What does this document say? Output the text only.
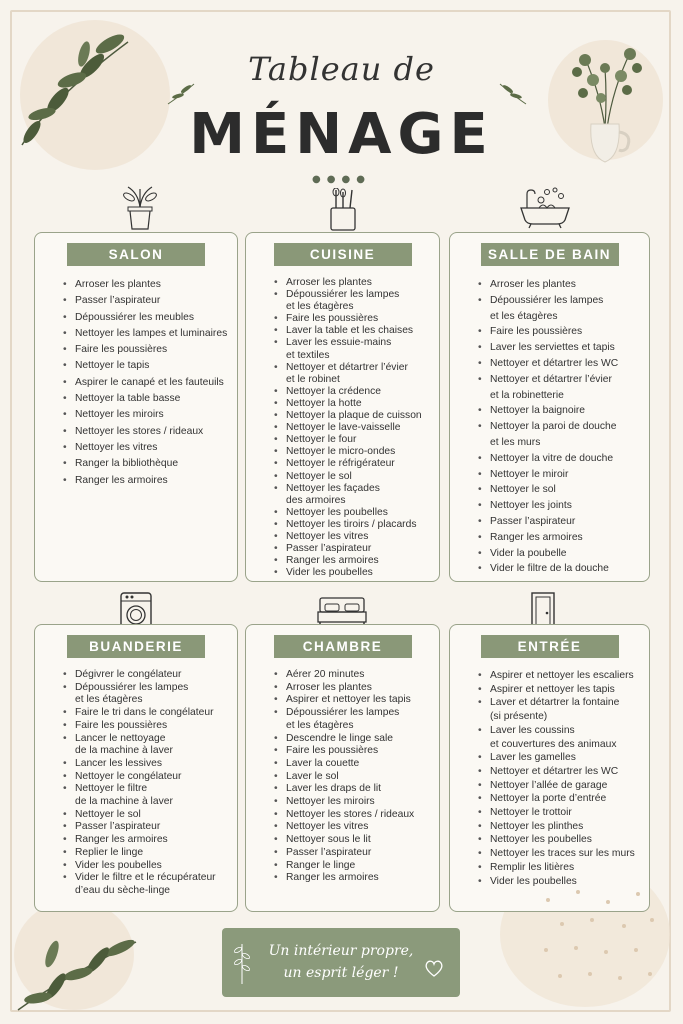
Tableau de
MÉNAGE
●●●●
SALON
• Arroser les plantes
• Passer l’aspirateur
• Dépoussiérer les meubles
• Nettoyer les lampes et luminaires
• Faire les poussières
• Nettoyer le tapis
• Aspirer le canapé et les fauteuils
• Nettoyer la table basse
• Nettoyer les miroirs
• Nettoyer les stores / rideaux
• Nettoyer les vitres
• Ranger la bibliothèque
• Ranger les armoires
CUISINE
• Arroser les plantes
• Dépoussiérer les lampes
et les étagères
• Faire les poussières
• Laver la table et les chaises
• Laver les essuie-mains
et textiles
• Nettoyer et détartrer l’évier
et le robinet
• Nettoyer la crédence
• Nettoyer la hotte
• Nettoyer la plaque de cuisson
• Nettoyer le lave-vaisselle
• Nettoyer le four
• Nettoyer le micro-ondes
• Nettoyer le réfrigérateur
• Nettoyer le sol
• Nettoyer les façades
des armoires
• Nettoyer les poubelles
• Nettoyer les tiroirs / placards
• Nettoyer les vitres
• Passer l’aspirateur
• Ranger les armoires
• Vider les poubelles
SALLE DE BAIN
• Arroser les plantes
• Dépoussiérer les lampes
et les étagères
• Faire les poussières
• Laver les serviettes et tapis
• Nettoyer et détartrer les WC
• Nettoyer et détartrer l’évier
et la robinetterie
• Nettoyer la baignoire
• Nettoyer la paroi de douche
et les murs
• Nettoyer la vitre de douche
• Nettoyer le miroir
• Nettoyer le sol
• Nettoyer les joints
• Passer l’aspirateur
• Ranger les armoires
• Vider la poubelle
• Vider le filtre de la douche
BUANDERIE
• Dégivrer le congélateur
• Dépoussiérer les lampes
et les étagères
• Faire le tri dans le congélateur
• Faire les poussières
• Lancer le nettoyage
de la machine à laver
• Lancer les lessives
• Nettoyer le congélateur
• Nettoyer le filtre
de la machine à laver
• Nettoyer le sol
• Passer l’aspirateur
• Ranger les armoires
• Replier le linge
• Vider les poubelles
• Vider le filtre et le récupérateur
d’eau du sèche-linge
CHAMBRE
• Aérer 20 minutes
• Arroser les plantes
• Aspirer et nettoyer les tapis
• Dépoussiérer les lampes
et les étagères
• Descendre le linge sale
• Faire les poussières
• Laver la couette
• Laver le sol
• Laver les draps de lit
• Nettoyer les miroirs
• Nettoyer les stores / rideaux
• Nettoyer les vitres
• Nettoyer sous le lit
• Passer l’aspirateur
• Ranger le linge
• Ranger les armoires
ENTRÉE
• Aspirer et nettoyer les escaliers
• Aspirer et nettoyer les tapis
• Laver et détartrer la fontaine
(si présente)
• Laver les coussins
et couvertures des animaux
• Laver les gamelles
• Nettoyer et détartrer les WC
• Nettoyer l’allée de garage
• Nettoyer la porte d’entrée
• Nettoyer le trottoir
• Nettoyer les plinthes
• Nettoyer les poubelles
• Nettoyer les traces sur les murs
• Remplir les litières
• Vider les poubelles
Un intérieur propre,
un esprit léger !
